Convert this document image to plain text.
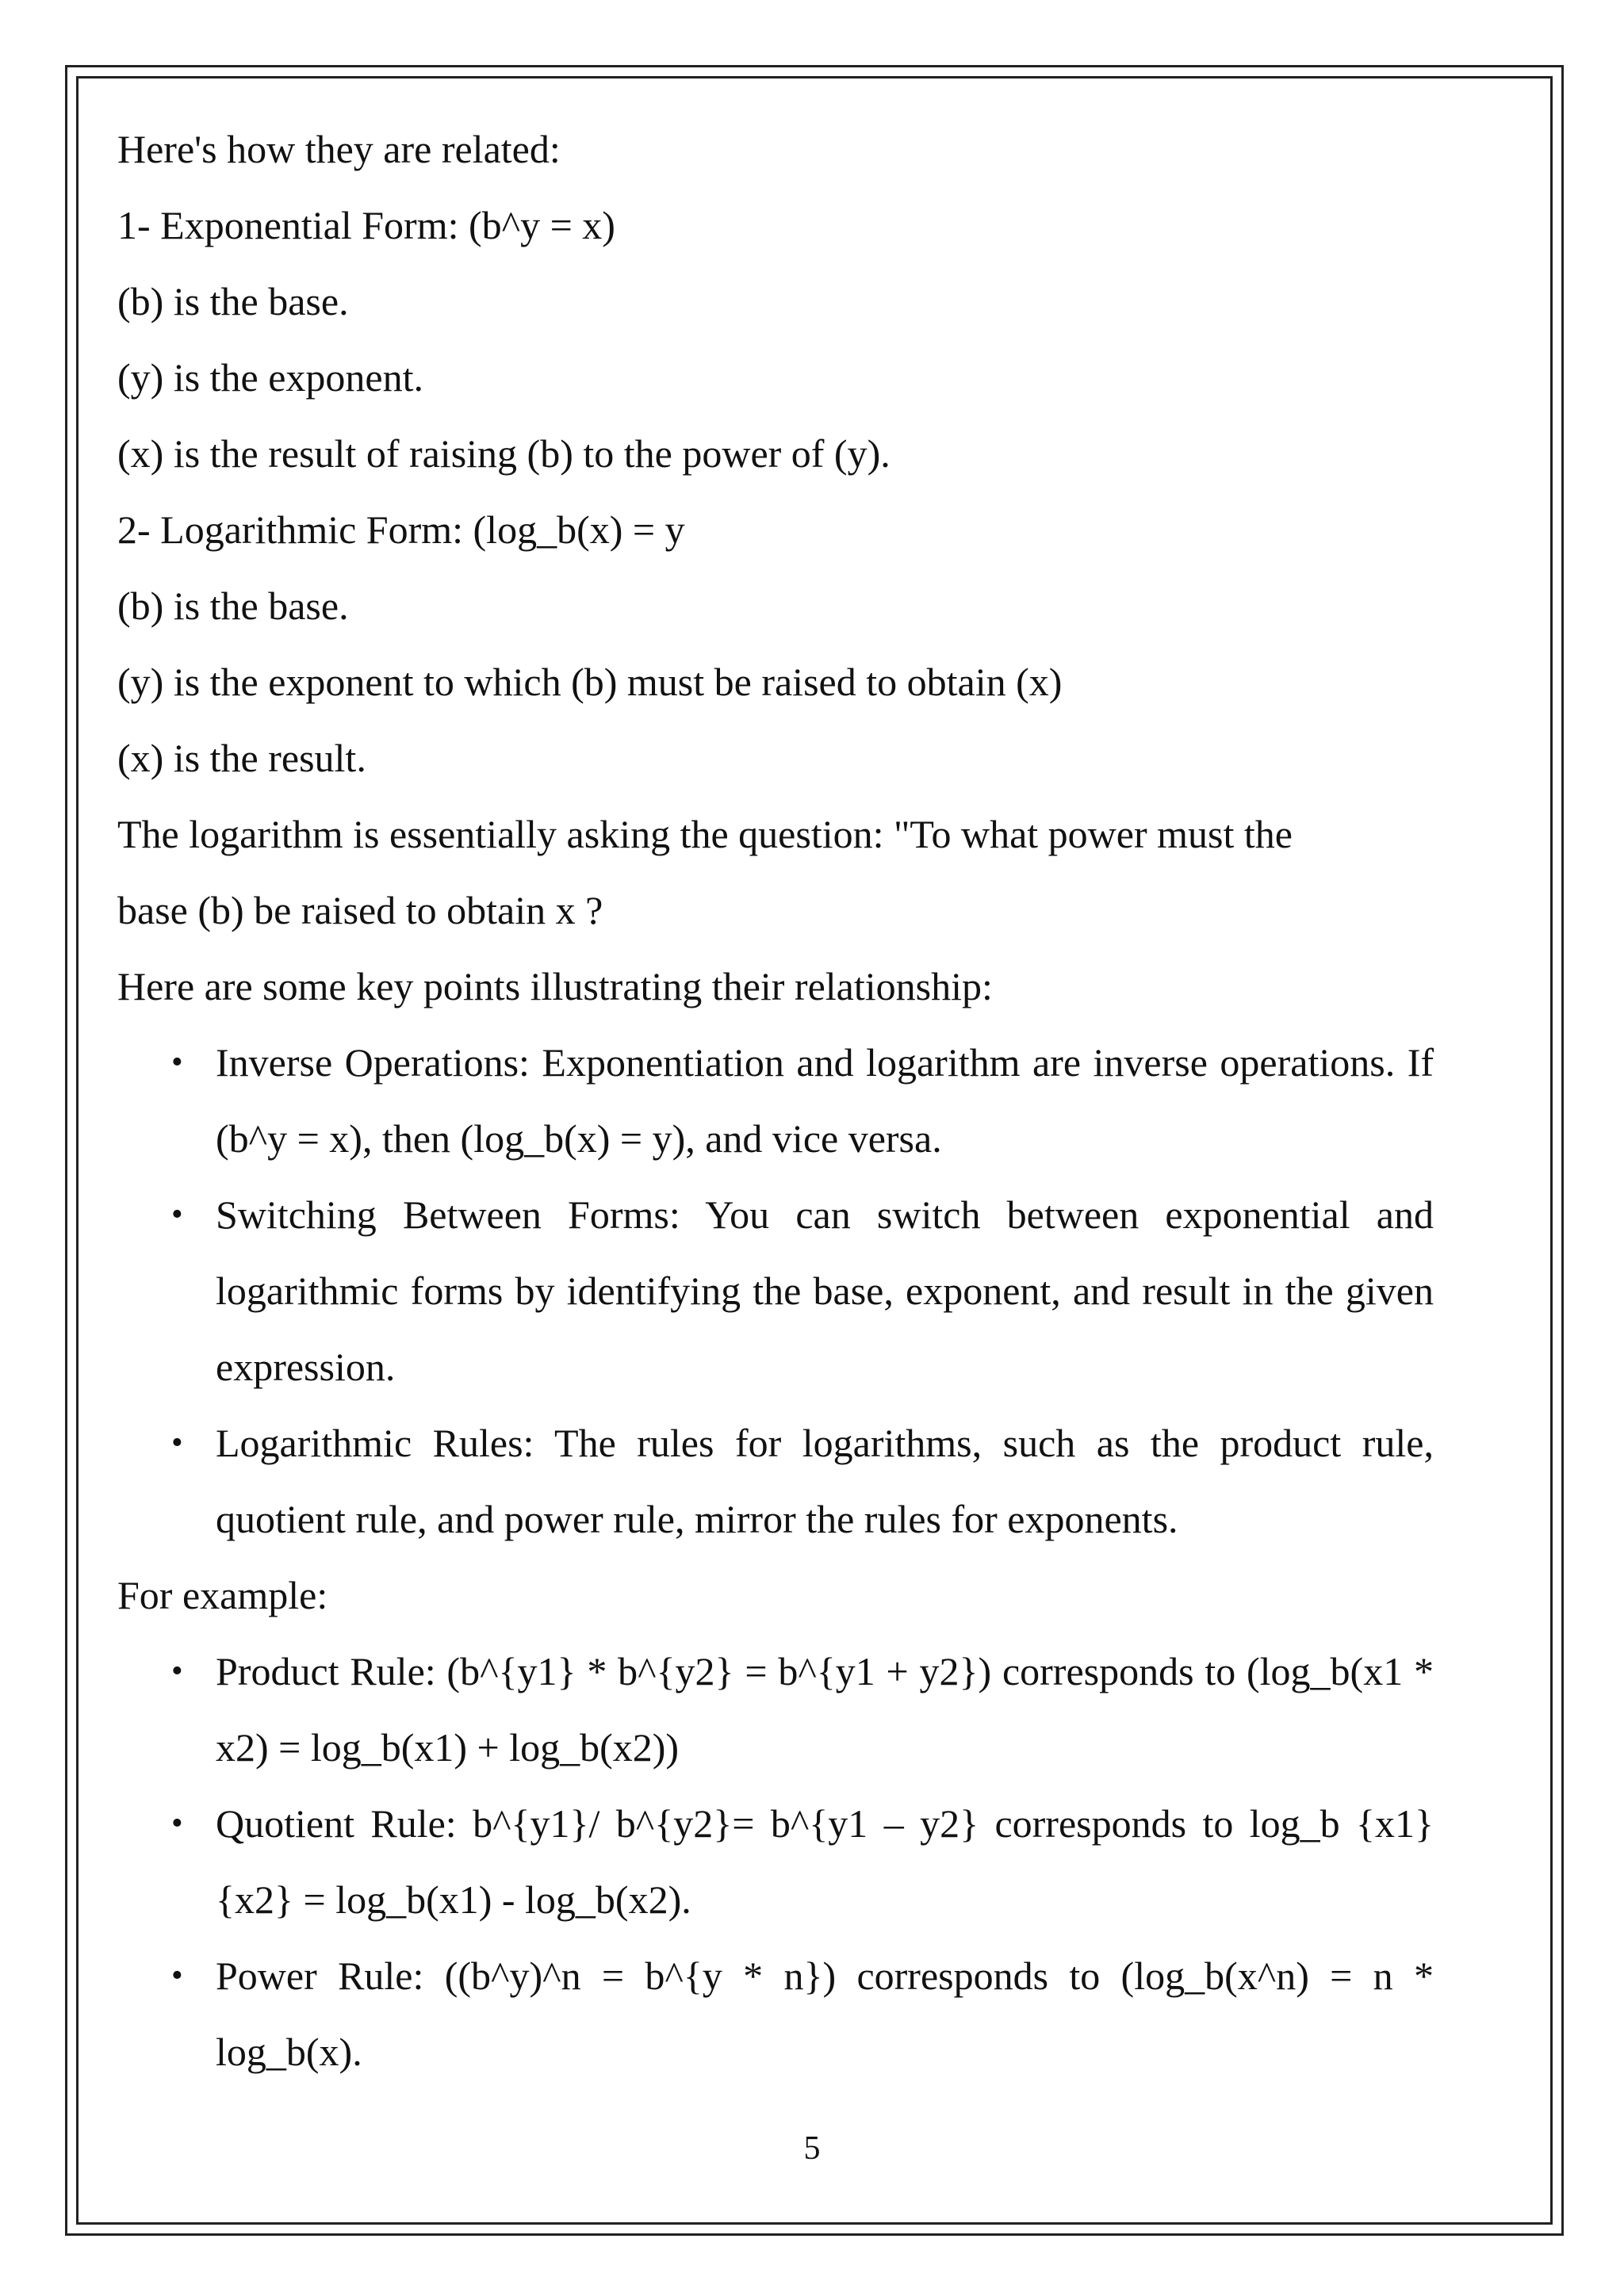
Here's how they are related:
1- Exponential Form: (b^y = x)
(b) is the base.
(y) is the exponent.
(x) is the result of raising (b) to the power of (y).
2- Logarithmic Form: (log_b(x) = y
(b) is the base.
(y) is the exponent to which (b) must be raised to obtain (x)
(x) is the result.
The logarithm is essentially asking the question: "To what power must the
base (b) be raised to obtain x ?
Here are some key points illustrating their relationship:
• Inverse Operations: Exponentiation and logarithm are inverse operations. If (b^y = x), then (log_b(x) = y), and vice versa.
• Switching Between Forms: You can switch between exponential and logarithmic forms by identifying the base, exponent, and result in the given expression.
• Logarithmic Rules: The rules for logarithms, such as the product rule, quotient rule, and power rule, mirror the rules for exponents.
For example:
• Product Rule: (b^{y1} * b^{y2} = b^{y1 + y2}) corresponds to (log_b(x1 * x2) = log_b(x1) + log_b(x2))
• Quotient Rule: b^{y1}/ b^{y2}= b^{y1 – y2} corresponds to log_b {x1}{x2} = log_b(x1) - log_b(x2).
• Power Rule: ((b^y)^n = b^{y * n}) corresponds to (log_b(x^n) = n * log_b(x).
5
